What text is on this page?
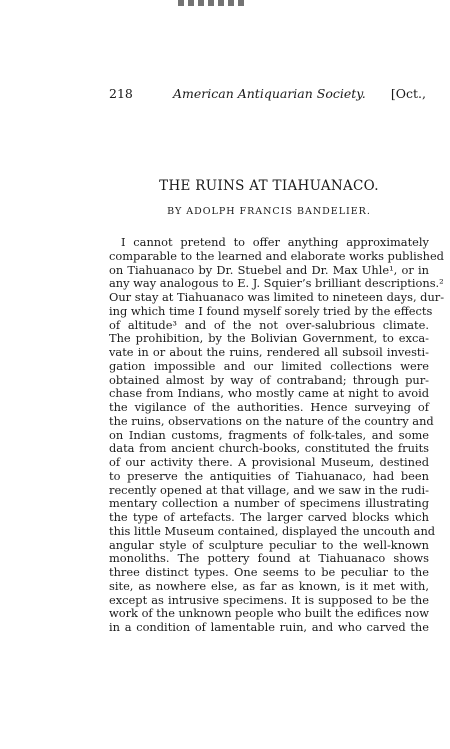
218	American Antiquarian Society. [Oct.,
THE RUINS AT TIAHUANACO.
BY ADOLPH FRANCIS BANDELIER.
I cannot pretend to offer anything approximately
comparable to the learned and elaborate works published
on Tiahuanaco by Dr. Stuebel and Dr. Max Uhle¹, or in
any way analogous to E. J. Squier’s brilliant descriptions.²
Our stay at Tiahuanaco was limited to nineteen days, dur-
ing which time I found myself sorely tried by the effects
of altitude³ and of the not over-salubrious climate.
The prohibition, by the Bolivian Government, to exca-
vate in or about the ruins, rendered all subsoil investi-
gation impossible and our limited collections were
obtained almost by way of contraband; through pur-
chase from Indians, who mostly came at night to avoid
the vigilance of the authorities. Hence surveying of
the ruins, observations on the nature of the country and
on Indian customs, fragments of folk-tales, and some
data from ancient church-books, constituted the fruits
of our activity there. A provisional Museum, destined
to preserve the antiquities of Tiahuanaco, had been
recently opened at that village, and we saw in the rudi-
mentary collection a number of specimens illustrating
the type of artefacts. The larger carved blocks which
this little Museum contained, displayed the uncouth and
angular style of sculpture peculiar to the well-known
monoliths. The pottery found at Tiahuanaco shows
three distinct types. One seems to be peculiar to the
site, as nowhere else, as far as known, is it met with,
except as intrusive specimens. It is supposed to be the
work of the unknown people who built the edifices now
in a condition of lamentable ruin, and who carved the
